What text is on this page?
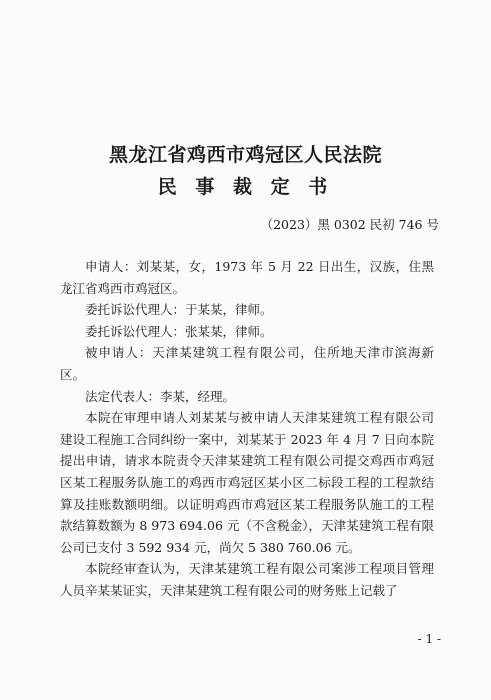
黑龙江省鸡西市鸡冠区人民法院
民 事 裁 定 书
（2023）黑 0302 民初 746 号

申请人：刘某某，女，1973 年 5 月 22 日出生，汉族，住黑龙江省鸡西市鸡冠区。

委托诉讼代理人：于某某，律师。

委托诉讼代理人：张某某，律师。

被申请人：天津某建筑工程有限公司，住所地天津市滨海新区。

法定代表人：李某，经理。

本院在审理申请人刘某某与被申请人天津某建筑工程有限公司建设工程施工合同纠纷一案中，刘某某于 2023 年 4 月 7 日向本院提出申请，请求本院责令天津某建筑工程有限公司提交鸡西市鸡冠区某工程服务队施工的鸡西市鸡冠区某小区二标段工程的工程款结算及挂账数额明细。以证明鸡西市鸡冠区某工程服务队施工的工程款结算数额为 8 973 694.06 元（不含税金），天津某建筑工程有限公司已支付 3 592 934 元，尚欠 5 380 760.06 元。

本院经审查认为，天津某建筑工程有限公司案涉工程项目管理人员辛某某证实，天津某建筑工程有限公司的财务账上记载了

- 1 -
